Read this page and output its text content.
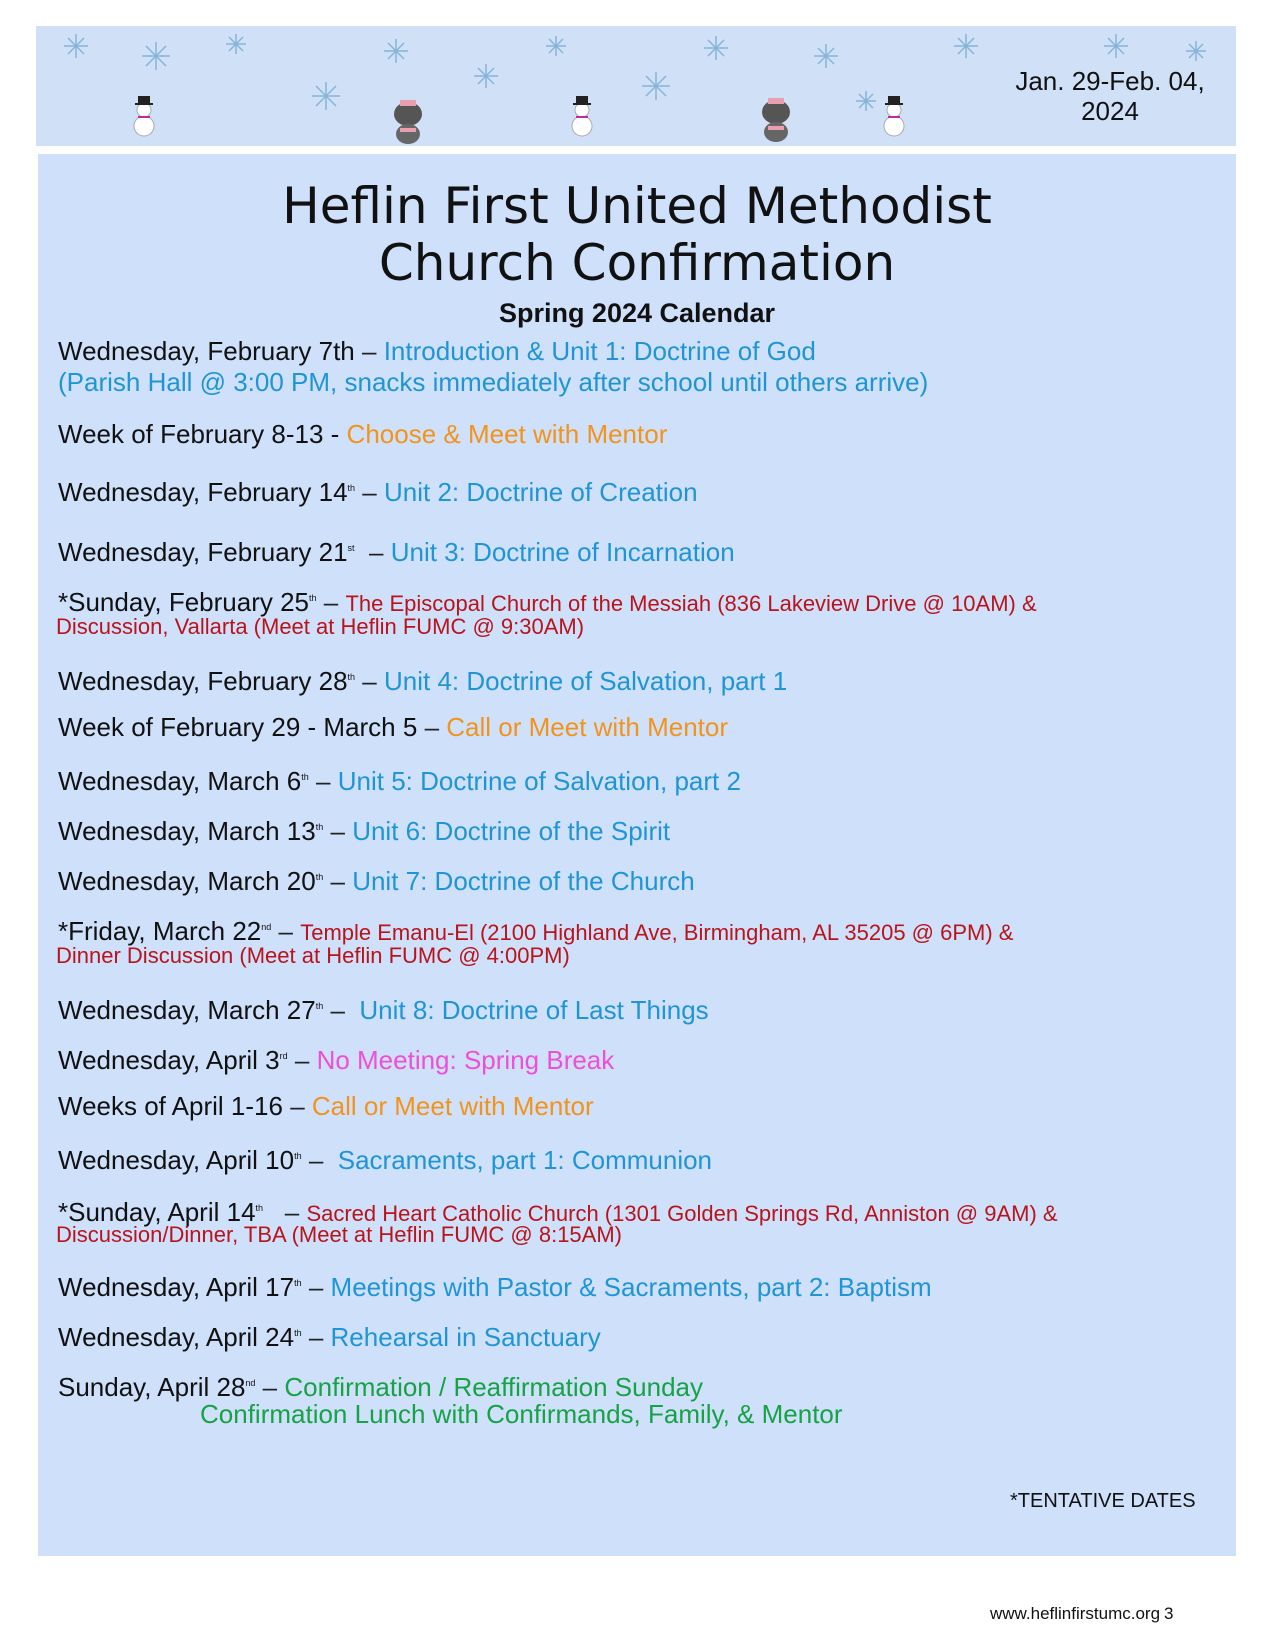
Jan. 29-Feb. 04,
2024
Heflin First United Methodist
Church Confirmation
Spring 2024 Calendar
Wednesday, February 7th – Introduction & Unit 1: Doctrine of God
(Parish Hall @ 3:00 PM, snacks immediately after school until others arrive)
Week of February 8-13 - Choose & Meet with Mentor
Wednesday, February 14th – Unit 2: Doctrine of Creation
Wednesday, February 21st – Unit 3: Doctrine of Incarnation
*Sunday, February 25th – The Episcopal Church of the Messiah (836 Lakeview Drive @ 10AM) &
Discussion, Vallarta (Meet at Heflin FUMC @ 9:30AM)
Wednesday, February 28th – Unit 4: Doctrine of Salvation, part 1
Week of February 29 - March 5 – Call or Meet with Mentor
Wednesday, March 6th – Unit 5: Doctrine of Salvation, part 2
Wednesday, March 13th – Unit 6: Doctrine of the Spirit
Wednesday, March 20th – Unit 7: Doctrine of the Church
*Friday, March 22nd – Temple Emanu-El (2100 Highland Ave, Birmingham, AL 35205 @ 6PM) &
Dinner Discussion (Meet at Heflin FUMC @ 4:00PM)
Wednesday, March 27th – Unit 8: Doctrine of Last Things
Wednesday, April 3rd – No Meeting: Spring Break
Weeks of April 1-16 – Call or Meet with Mentor
Wednesday, April 10th – Sacraments, part 1: Communion
*Sunday, April 14th – Sacred Heart Catholic Church (1301 Golden Springs Rd, Anniston @ 9AM) &
Discussion/Dinner, TBA (Meet at Heflin FUMC @ 8:15AM)
Wednesday, April 17th – Meetings with Pastor & Sacraments, part 2: Baptism
Wednesday, April 24th – Rehearsal in Sanctuary
Sunday, April 28nd – Confirmation / Reaffirmation Sunday
Confirmation Lunch with Confirmands, Family, & Mentor
*TENTATIVE DATES
www.heflinfirstumc.org 3
